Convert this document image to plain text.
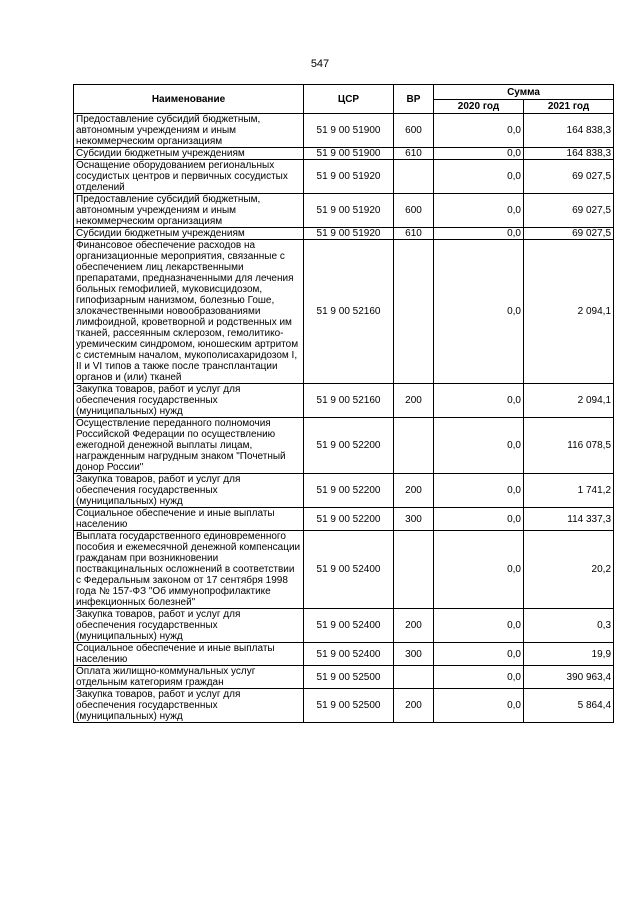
547
Наименование	ЦСР	ВР	Сумма	
			2020 год	2021 год
Предоставление субсидий бюджетным, автономным учреждениям и иным некоммерческим организациям	51 9 00 51900	600	0,0	164 838,3
Субсидии бюджетным учреждениям	51 9 00 51900	610	0,0	164 838,3
Оснащение оборудованием региональных сосудистых центров и первичных сосудистых отделений	51 9 00 51920		0,0	69 027,5
Предоставление субсидий бюджетным, автономным учреждениям и иным некоммерческим организациям	51 9 00 51920	600	0,0	69 027,5
Субсидии бюджетным учреждениям	51 9 00 51920	610	0,0	69 027,5
Финансовое обеспечение расходов на организационные мероприятия, связанные с обеспечением лиц лекарственными препаратами, предназначенными для лечения больных гемофилией, муковисцидозом, гипофизарным нанизмом, болезнью Гоше, злокачественными новообразованиями лимфоидной, кроветворной и родственных им тканей, рассеянным склерозом, гемолитико-уремическим синдромом, юношеским артритом с системным началом, мукополисахаридозом I, II и VI типов а также после трансплантации органов и (или) тканей	51 9 00 52160		0,0	2 094,1
Закупка товаров, работ и услуг для обеспечения государственных (муниципальных) нужд	51 9 00 52160	200	0,0	2 094,1
Осуществление переданного полномочия Российской Федерации по осуществлению ежегодной денежной выплаты лицам, награжденным нагрудным знаком "Почетный донор России"	51 9 00 52200		0,0	116 078,5
Закупка товаров, работ и услуг для обеспечения государственных (муниципальных) нужд	51 9 00 52200	200	0,0	1 741,2
Социальное обеспечение и иные выплаты населению	51 9 00 52200	300	0,0	114 337,3
Выплата государственного единовременного пособия и ежемесячной денежной компенсации гражданам при возникновении поствакцинальных осложнений в соответствии с Федеральным законом от 17 сентября 1998 года № 157-ФЗ "Об иммунопрофилактике инфекционных болезней"	51 9 00 52400		0,0	20,2
Закупка товаров, работ и услуг для обеспечения государственных (муниципальных) нужд	51 9 00 52400	200	0,0	0,3
Социальное обеспечение и иные выплаты населению	51 9 00 52400	300	0,0	19,9
Оплата жилищно-коммунальных услуг отдельным категориям граждан	51 9 00 52500		0,0	390 963,4
Закупка товаров, работ и услуг для обеспечения государственных (муниципальных) нужд	51 9 00 52500	200	0,0	5 864,4
